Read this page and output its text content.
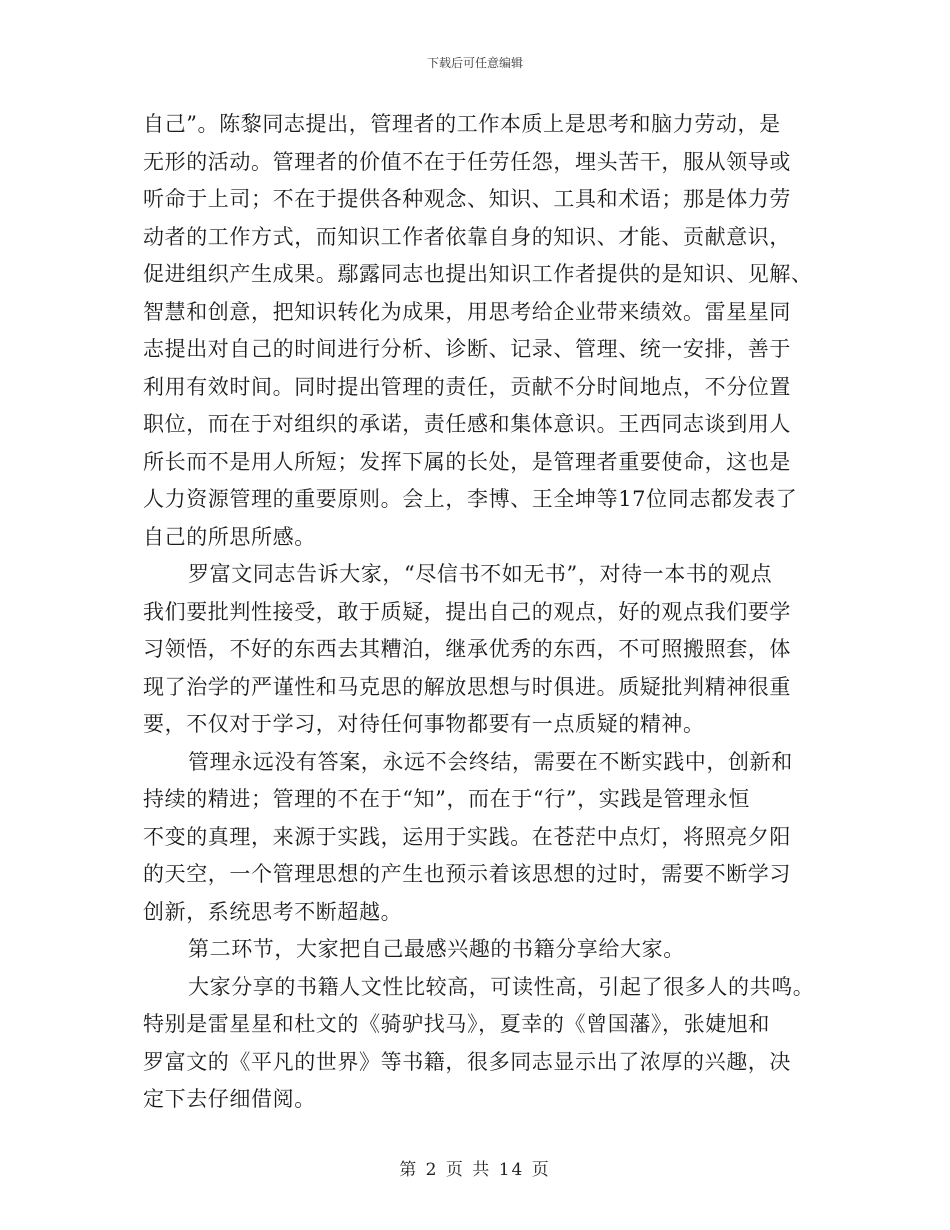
下载后可任意编辑
自己”。陈黎同志提出，管理者的工作本质上是思考和脑力劳动，是
无形的活动。管理者的价值不在于任劳任怨，埋头苦干，服从领导或
听命于上司；不在于提供各种观念、知识、工具和术语；那是体力劳
动者的工作方式，而知识工作者依靠自身的知识、才能、贡献意识，
促进组织产生成果。鄢露同志也提出知识工作者提供的是知识、见解、
智慧和创意，把知识转化为成果，用思考给企业带来绩效。雷星星同
志提出对自己的时间进行分析、诊断、记录、管理、统一安排，善于
利用有效时间。同时提出管理的责任，贡献不分时间地点，不分位置
职位，而在于对组织的承诺，责任感和集体意识。王西同志谈到用人
所长而不是用人所短；发挥下属的长处，是管理者重要使命，这也是
人力资源管理的重要原则。会上，李博、王全坤等17位同志都发表了
自己的所思所感。
罗富文同志告诉大家，“尽信书不如无书”，对待一本书的观点
我们要批判性接受，敢于质疑，提出自己的观点，好的观点我们要学
习领悟，不好的东西去其糟泊，继承优秀的东西，不可照搬照套，体
现了治学的严谨性和马克思的解放思想与时俱进。质疑批判精神很重
要，不仅对于学习，对待任何事物都要有一点质疑的精神。
管理永远没有答案，永远不会终结，需要在不断实践中，创新和
持续的精进；管理的不在于“知”，而在于“行”，实践是管理永恒
不变的真理，来源于实践，运用于实践。在苍茫中点灯，将照亮夕阳
的天空，一个管理思想的产生也预示着该思想的过时，需要不断学习
创新，系统思考不断超越。
第二环节，大家把自己最感兴趣的书籍分享给大家。
大家分享的书籍人文性比较高，可读性高，引起了很多人的共鸣。
特别是雷星星和杜文的《骑驴找马》，夏幸的《曾国藩》，张婕旭和
罗富文的《平凡的世界》等书籍，很多同志显示出了浓厚的兴趣，决
定下去仔细借阅。
第 2 页 共 14 页
